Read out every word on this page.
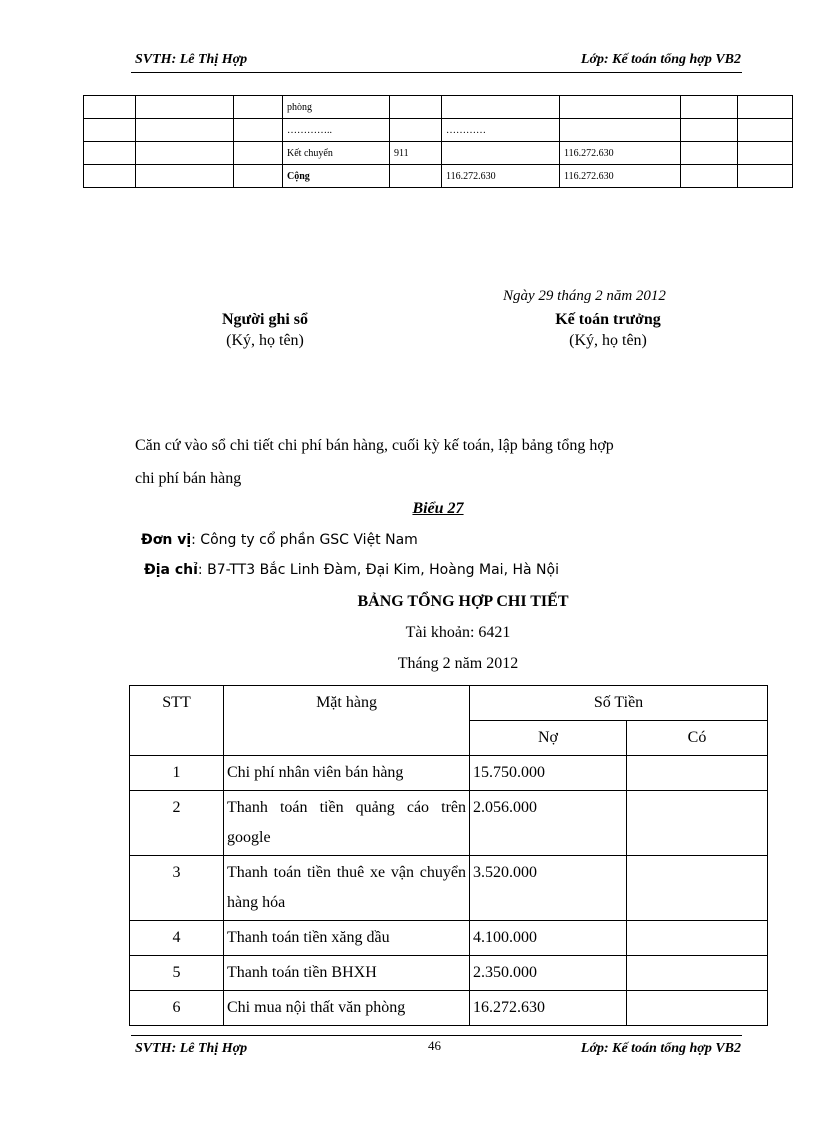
SVTH: Lê Thị Hợp	Lớp: Kế toán tổng hợp VB2
			phòng					
			…………..		…………			
			Kết chuyển	911		116.272.630		
			Cộng		116.272.630	116.272.630		
Ngày 29 tháng 2 năm 2012
Người ghi sổ
(Ký, họ tên)
Kế toán trưởng
(Ký, họ tên)
Căn cứ vào sổ chi tiết chi phí bán hàng, cuối kỳ kế toán, lập bảng tổng hợp
chi phí bán hàng
Biểu 27
Đơn vị: Công ty cổ phần GSC Việt Nam
Địa chỉ: B7-TT3 Bắc Linh Đàm, Đại Kim, Hoàng Mai, Hà Nội
BẢNG TỔNG HỢP CHI TIẾT
Tài khoản: 6421
Tháng 2 năm 2012
STT	Mặt hàng	Số Tiền	
		Nợ	Có
1	Chi phí nhân viên bán hàng	15.750.000	
2	Thanh toán tiền quảng cáo trên google	2.056.000	
3	Thanh toán tiền thuê xe vận chuyển hàng hóa	3.520.000	
4	Thanh toán tiền xăng dầu	4.100.000	
5	Thanh toán tiền BHXH	2.350.000	
6	Chi mua nội thất văn phòng	16.272.630	
SVTH: Lê Thị Hợp	46	Lớp: Kế toán tổng hợp VB2
